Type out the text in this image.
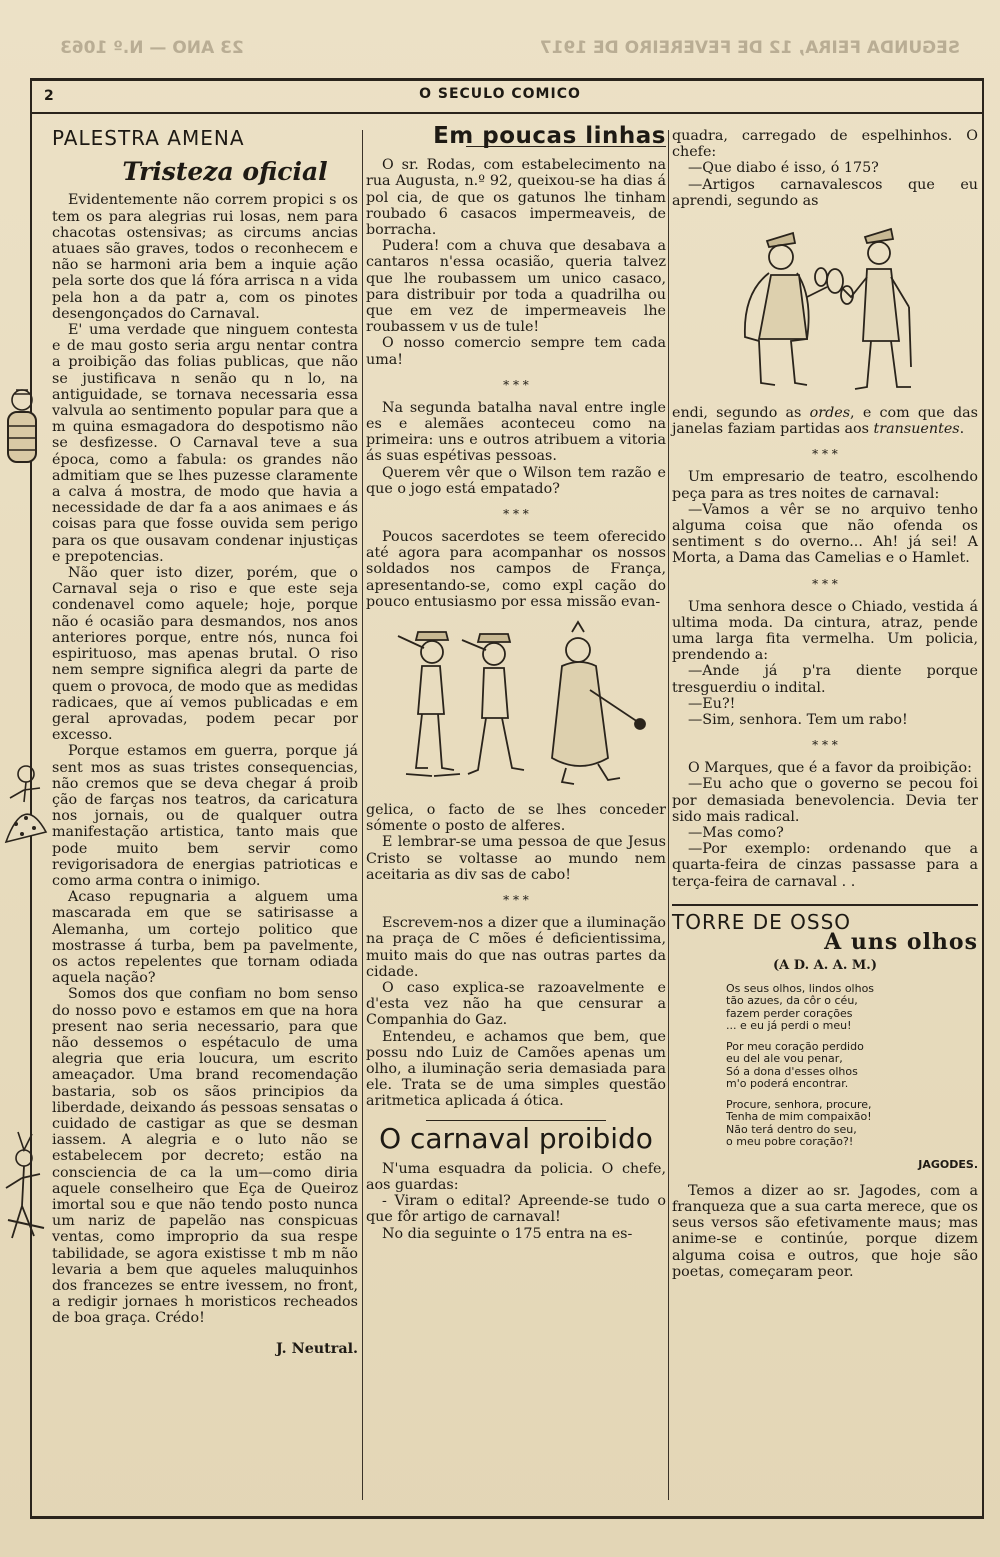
SEGUNDA FEIRA, 12 DE FEVEREIRO DE 1917
23 ANO — N.º 1063
2	O SECULO COMICO
PALESTRA AMENA
Tristeza oficial

Evidentemente não correm propici s os tem os para alegrias rui losas, nem para chacotas ostensivas; as circums ancias atuaes são graves, todos o reconhecem e não se harmoni aria bem a inquie ação pela sorte dos que lá fóra arrisca n a vida pela hon a da patr a, com os pinotes desengonçados do Carnaval.

E' uma verdade que ninguem contesta e de mau gosto seria argu nentar contra a proibição das folias publicas, que não se justificava n senão qu n lo, na antiguidade, se tornava necessaria essa valvula ao sentimento popular para que a m quina esmagadora do despotismo não se desfizesse. O Carnaval teve a sua época, como a fabula: os grandes não admitiam que se lhes puzesse claramente a calva á mostra, de modo que havia a necessidade de dar fa a aos animaes e ás coisas para que fosse ouvida sem perigo para os que ousavam condenar injustiças e prepotencias.

Não quer isto dizer, porém, que o Carnaval seja o riso e que este seja condenavel como aquele; hoje, porque não é ocasião para desmandos, nos anos anteriores porque, entre nós, nunca foi espirituoso, mas apenas brutal. O riso nem sempre significa alegri da parte de quem o provoca, de modo que as medidas radicaes, que aí vemos publicadas e em geral aprovadas, podem pecar por excesso.

Porque estamos em guerra, porque já sent mos as suas tristes consequencias, não cremos que se deva chegar á proib ção de farças nos teatros, da caricatura nos jornais, ou de qualquer outra manifestação artistica, tanto mais que pode muito bem servir como revigorisadora de energias patrioticas e como arma contra o inimigo.

Acaso repugnaria a alguem uma mascarada em que se satirisasse a Alemanha, um cortejo politico que mostrasse á turba, bem pa pavelmente, os actos repelentes que tornam odiada aquela nação?

Somos dos que confiam no bom senso do nosso povo e estamos em que na hora present nao seria necessario, para que não dessemos o espétaculo de uma alegria que eria loucura, um escrito ameaçador. Uma brand recomendação bastaria, sob os sãos principios da liberdade, deixando ás pessoas sensatas o cuidado de castigar as que se desman iassem. A alegria e o luto não se estabelecem por decreto; estão na consciencia de ca la um—como diria aquele conselheiro que Eça de Queiroz imortal sou e que não tendo posto nunca um nariz de papelão nas conspicuas ventas, como improprio da sua respe tabilidade, se agora existisse t mb m não levaria a bem que aqueles maluquinhos dos francezes se entre ivessem, no front, a redigir jornaes h moristicos recheados de boa graça. Crédo!

J. Neutral.
Em poucas linhas

O sr. Rodas, com estabelecimento na rua Augusta, n.º 92, queixou-se ha dias á pol cia, de que os gatunos lhe tinham roubado 6 casacos impermeaveis, de borracha.

Pudera! com a chuva que desabava a cantaros n'essa ocasião, queria talvez que lhe roubassem um unico casaco, para distribuir por toda a quadrilha ou que em vez de impermeaveis lhe roubassem v us de tule!

O nosso comercio sempre tem cada uma!

* * *

Na segunda batalha naval entre ingle es e alemães aconteceu como na primeira: uns e outros atribuem a vitoria ás suas espétivas pessoas.

Querem vêr que o Wilson tem razão e que o jogo está empatado?

* * *

Poucos sacerdotes se teem oferecido até agora para acompanhar os nossos soldados nos campos de França, apresentando-se, como expl cação do pouco entusiasmo por essa missão evan-

gelica, o facto de se lhes conceder sómente o posto de alferes.

E lembrar-se uma pessoa de que Jesus Cristo se voltasse ao mundo nem aceitaria as div sas de cabo!

* * *

Escrevem-nos a dizer que a iluminação na praça de C mões é deficientissima, muito mais do que nas outras partes da cidade.

O caso explica-se razoavelmente e d'esta vez não ha que censurar a Companhia do Gaz.

Entendeu, e achamos que bem, que possu ndo Luiz de Camões apenas um olho, a iluminação seria demasiada para ele. Trata se de uma simples questão aritmetica aplicada á ótica.

O carnaval proibido

N'uma esquadra da policia. O chefe, aos guardas:

- Viram o edital? Apreende-se tudo o que fôr artigo de carnaval!

No dia seguinte o 175 entra na es-

quadra, carregado de espelhinhos. O chefe:

—Que diabo é isso, ó 175?

—Artigos carnavalescos que eu aprendi, segundo as

endi, segundo as ordes, e com que das janelas faziam partidas aos transuentes.

* * *

Um empresario de teatro, escolhendo peça para as tres noites de carnaval:

—Vamos a vêr se no arquivo tenho alguma coisa que não ofenda os sentiment s do overno... Ah! já sei! A Morta, a Dama das Camelias e o Hamlet.

* * *

Uma senhora desce o Chiado, vestida á ultima moda. Da cintura, atraz, pende uma larga fita vermelha. Um policia, prendendo a:

—Ande já p'ra diente porque tresguerdiu o indital.

—Eu?!

—Sim, senhora. Tem um rabo!

* * *

O Marques, que é a favor da proibição:

—Eu acho que o governo se pecou foi por demasiada benevolencia. Devia ter sido mais radical.

—Mas como?

—Por exemplo: ordenando que a quarta-feira de cinzas passasse para a terça-feira de carnaval . .

TORRE DE OSSO
A uns olhos
(A D. A. A. M.)
Os seus olhos, lindos olhos
tão azues, da côr o céu,
fazem perder corações
... e eu já perdi o meu!
Por meu coração perdido
eu del ale vou penar,
Só a dona d'esses olhos
m'o poderá encontrar.
Procure, senhora, procure,
Tenha de mim compaixão!
Não terá dentro do seu,
o meu pobre coração?!
JAGODES.

Temos a dizer ao sr. Jagodes, com a franqueza que a sua carta merece, que os seus versos são efetivamente maus; mas anime-se e continúe, porque dizem alguma coisa e outros, que hoje são poetas, começaram peor.
